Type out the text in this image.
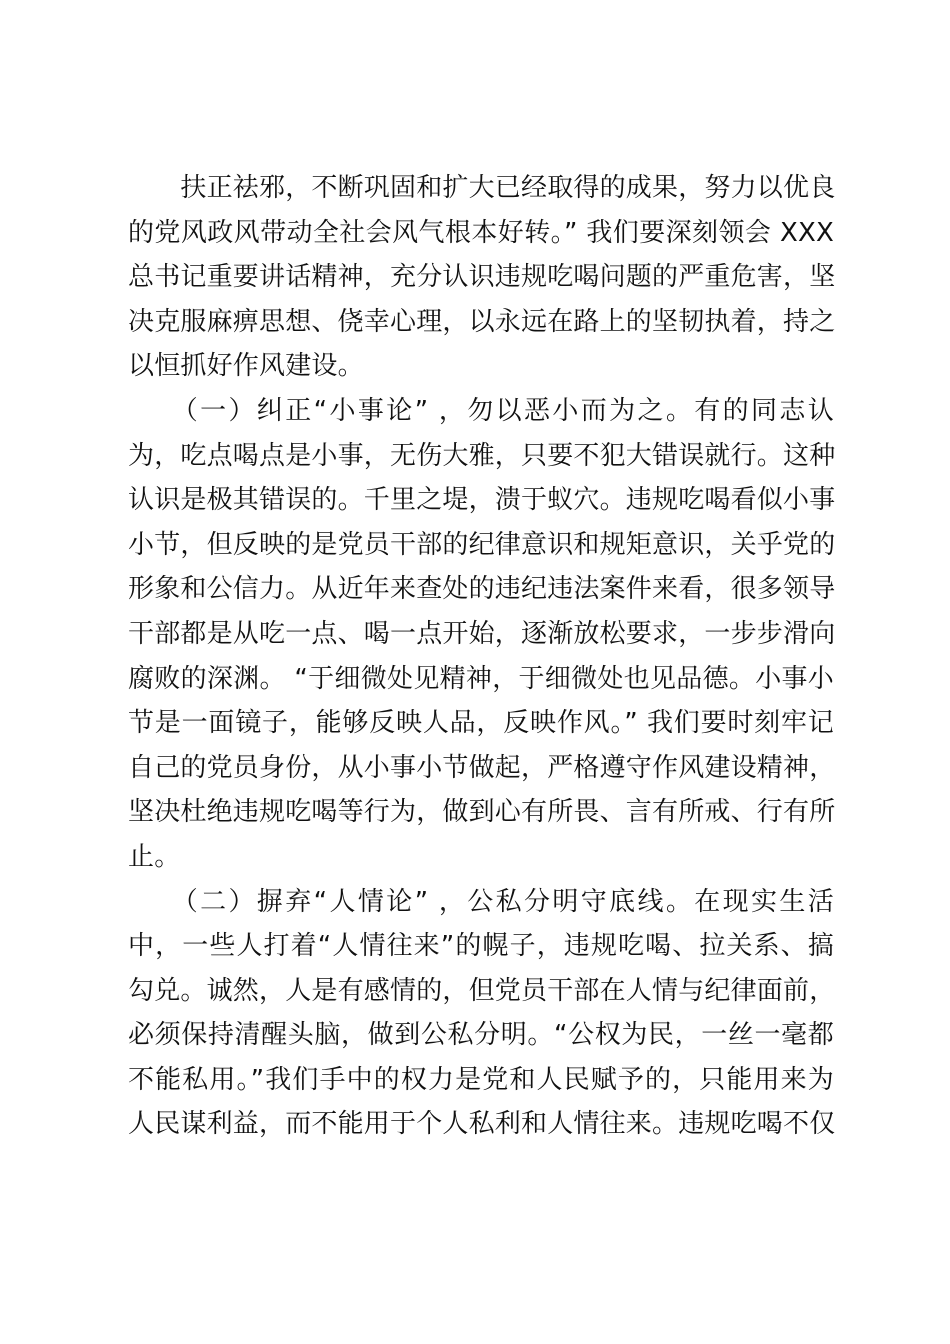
　　扶正祛邪，不断巩固和扩大已经取得的成果，努力以优良
的党风政风带动全社会风气根本好转。” 我们要深刻领会 XXX
总书记重要讲话精神，充分认识违规吃喝问题的严重危害，坚
决克服麻痹思想、侥幸心理，以永远在路上的坚韧执着，持之
以恒抓好作风建设。
　　（一）纠正“小事论” ，勿以恶小而为之。有的同志认
为，吃点喝点是小事，无伤大雅，只要不犯大错误就行。这种
认识是极其错误的。千里之堤，溃于蚁穴。违规吃喝看似小事
小节，但反映的是党员干部的纪律意识和规矩意识，关乎党的
形象和公信力。从近年来查处的违纪违法案件来看，很多领导
干部都是从吃一点、喝一点开始，逐渐放松要求，一步步滑向
腐败的深渊。 “于细微处见精神，于细微处也见品德。小事小
节是一面镜子，能够反映人品，反映作风。” 我们要时刻牢记
自己的党员身份，从小事小节做起，严格遵守作风建设精神，
坚决杜绝违规吃喝等行为，做到心有所畏、言有所戒、行有所
止。
　　（二）摒弃“人情论” ，公私分明守底线。在现实生活
中，一些人打着“人情往来”的幌子，违规吃喝、拉关系、搞
勾兑。诚然，人是有感情的，但党员干部在人情与纪律面前，
必须保持清醒头脑，做到公私分明。“公权为民，一丝一毫都
不能私用。”我们手中的权力是党和人民赋予的，只能用来为
人民谋利益，而不能用于个人私利和人情往来。违规吃喝不仅
